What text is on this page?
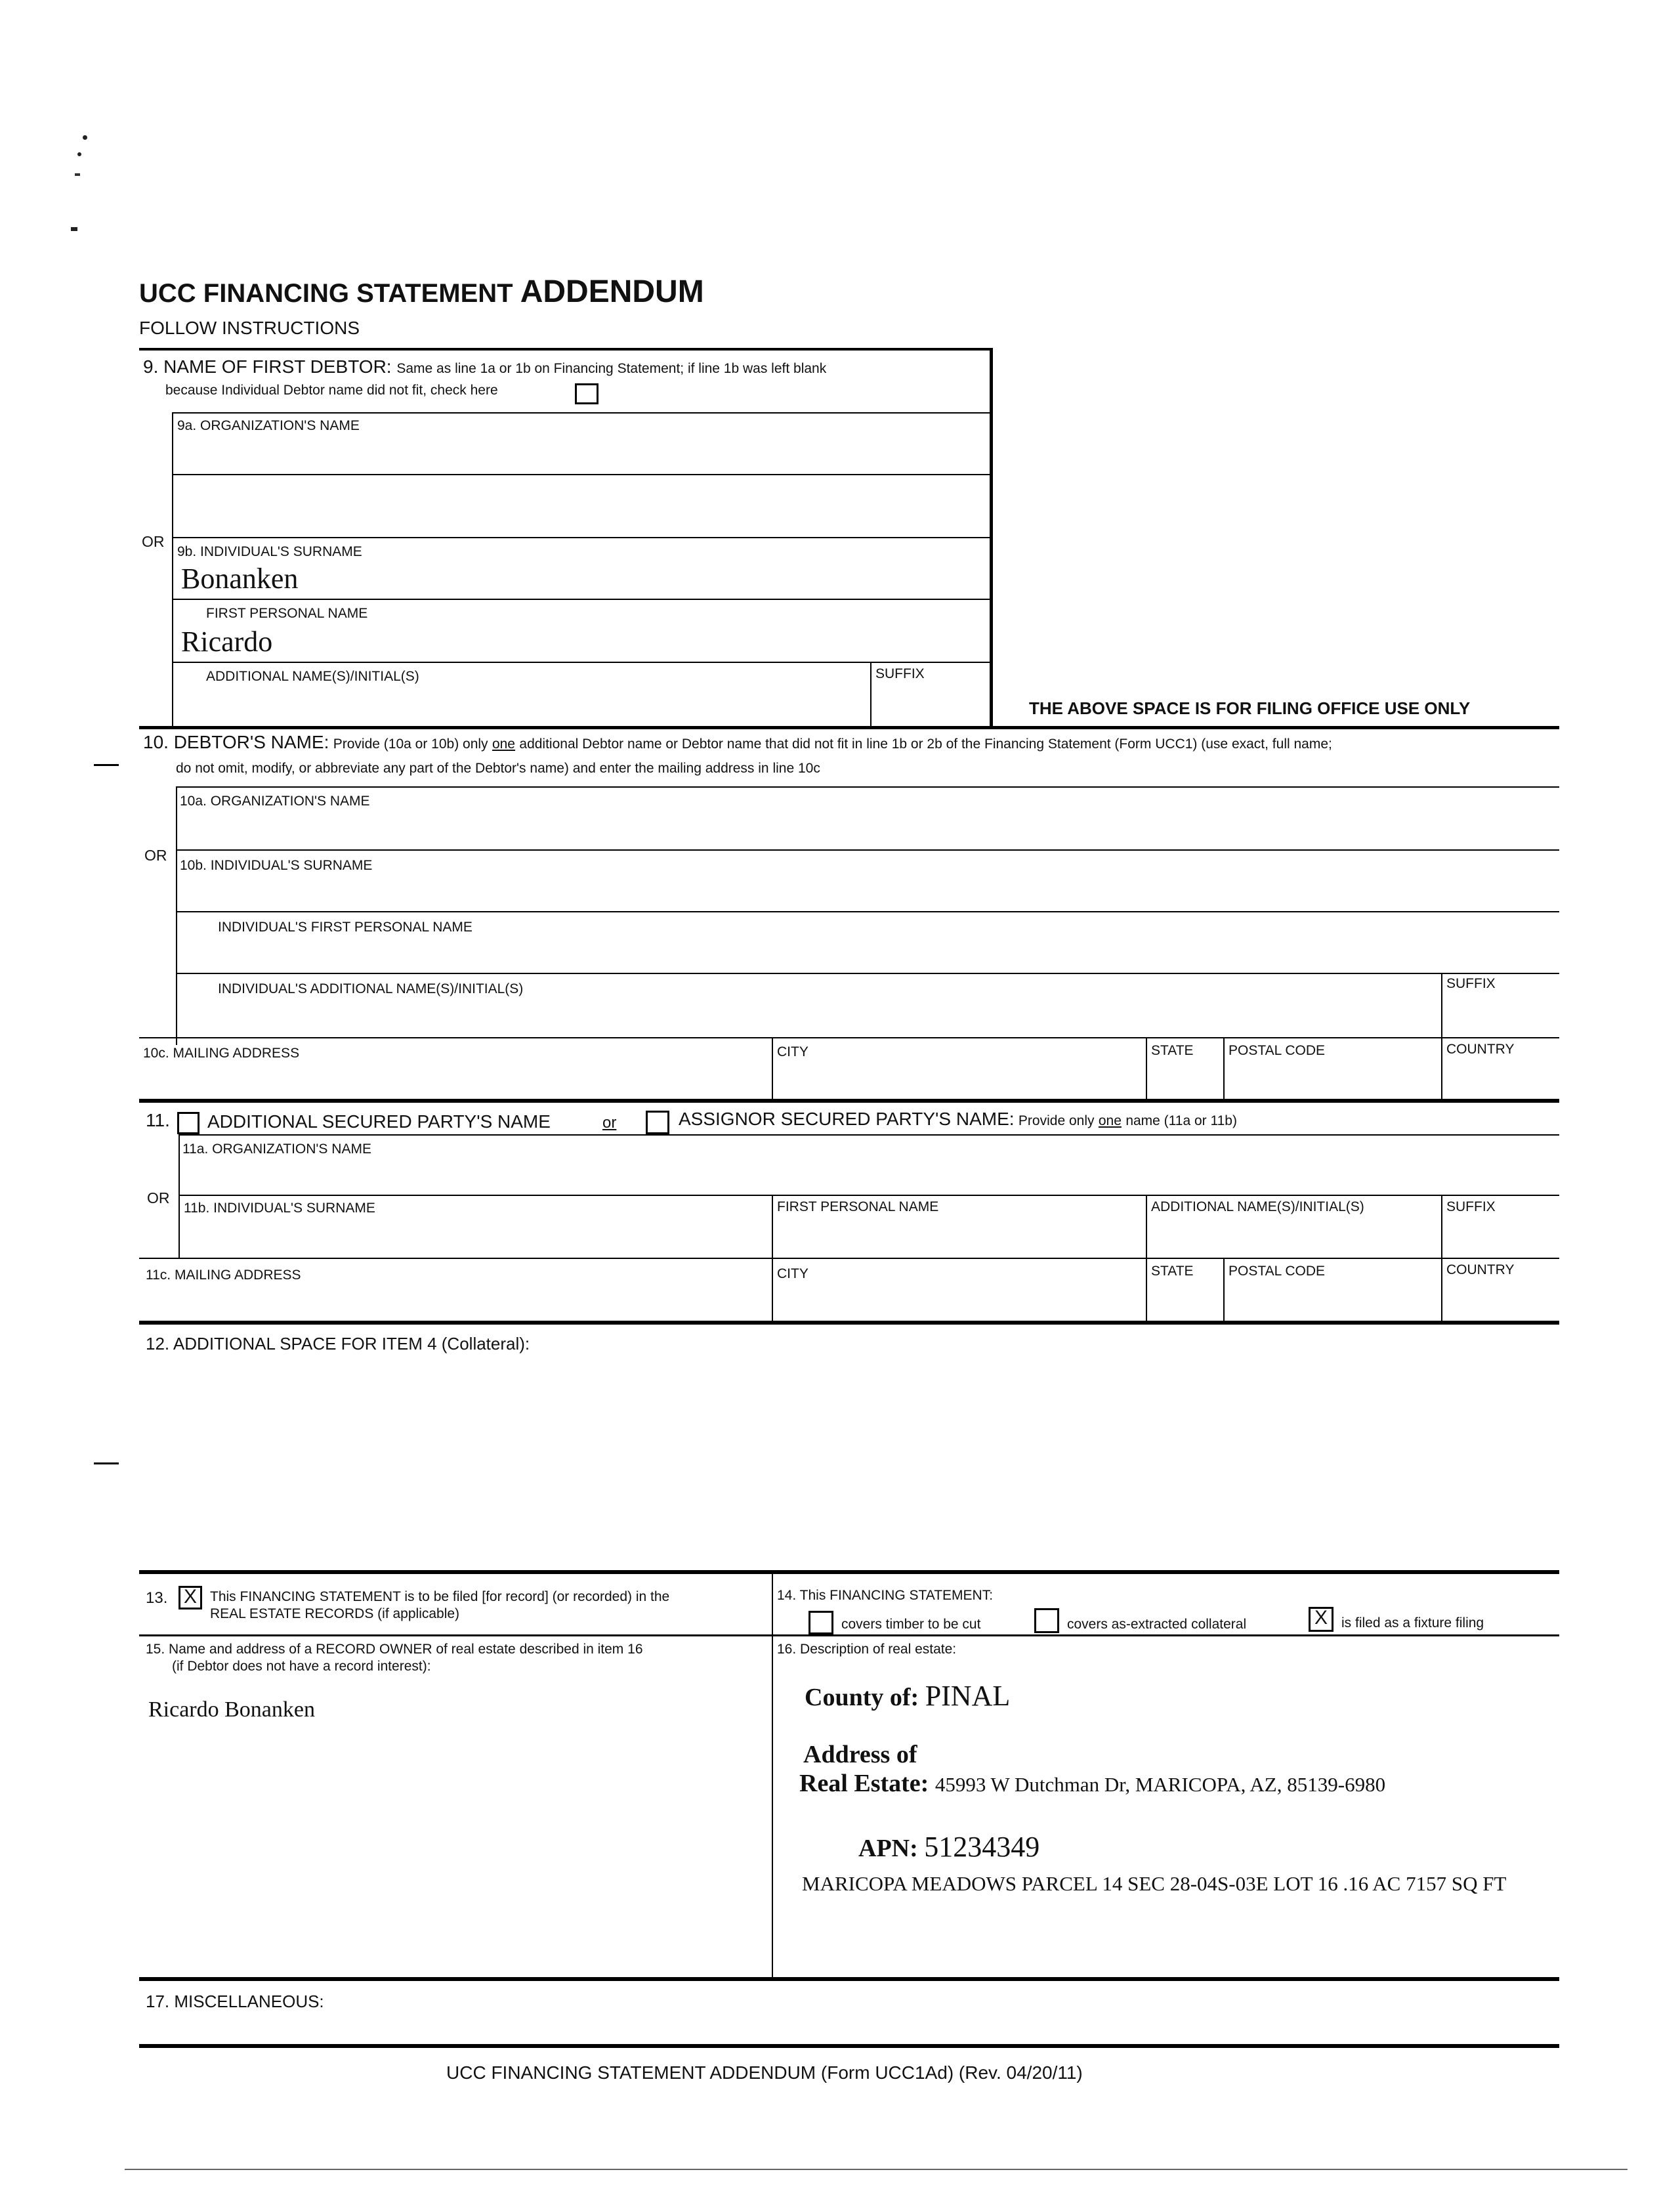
UCC FINANCING STATEMENT ADDENDUM
FOLLOW INSTRUCTIONS
9. NAME OF FIRST DEBTOR: Same as line 1a or 1b on Financing Statement; if line 1b was left blank
because Individual Debtor name did not fit, check here
9a. ORGANIZATION'S NAME
OR
9b. INDIVIDUAL'S SURNAME
Bonanken
FIRST PERSONAL NAME
Ricardo
ADDITIONAL NAME(S)/INITIAL(S)	SUFFIX
THE ABOVE SPACE IS FOR FILING OFFICE USE ONLY
10. DEBTOR'S NAME: Provide (10a or 10b) only one additional Debtor name or Debtor name that did not fit in line 1b or 2b of the Financing Statement (Form UCC1) (use exact, full name;
do not omit, modify, or abbreviate any part of the Debtor's name) and enter the mailing address in line 10c
10a. ORGANIZATION'S NAME
OR
10b. INDIVIDUAL'S SURNAME
INDIVIDUAL'S FIRST PERSONAL NAME
INDIVIDUAL'S ADDITIONAL NAME(S)/INITIAL(S)	SUFFIX
10c. MAILING ADDRESS	CITY	STATE	POSTAL CODE	COUNTRY
11. ADDITIONAL SECURED PARTY'S NAME	or	ASSIGNOR SECURED PARTY'S NAME: Provide only one name (11a or 11b)
11a. ORGANIZATION'S NAME
OR
11b. INDIVIDUAL'S SURNAME	FIRST PERSONAL NAME	ADDITIONAL NAME(S)/INITIAL(S)	SUFFIX
11c. MAILING ADDRESS	CITY	STATE	POSTAL CODE	COUNTRY
12. ADDITIONAL SPACE FOR ITEM 4 (Collateral):
13. X This FINANCING STATEMENT is to be filed [for record] (or recorded) in the
REAL ESTATE RECORDS (if applicable)
14. This FINANCING STATEMENT:
covers timber to be cut	covers as-extracted collateral	X	is filed as a fixture filing
15. Name and address of a RECORD OWNER of real estate described in item 16
(if Debtor does not have a record interest):
Ricardo Bonanken
16. Description of real estate:
County of: PINAL
Address of
Real Estate: 45993 W Dutchman Dr, MARICOPA, AZ, 85139-6980
APN: 51234349
MARICOPA MEADOWS PARCEL 14 SEC 28-04S-03E LOT 16 .16 AC 7157 SQ FT
17. MISCELLANEOUS:
UCC FINANCING STATEMENT ADDENDUM (Form UCC1Ad) (Rev. 04/20/11)
